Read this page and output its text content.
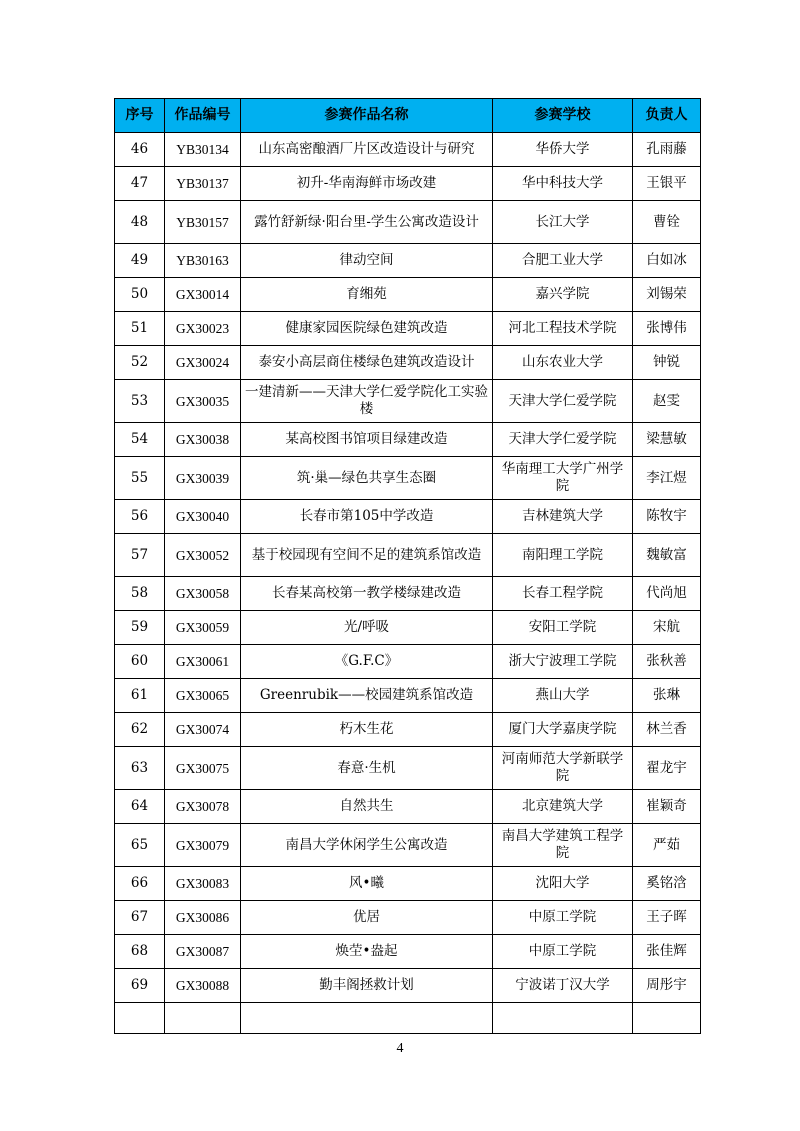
序号	作品编号	参赛作品名称	参赛学校	负责人
46	YB30134	山东高密酿酒厂片区改造设计与研究	华侨大学	孔雨藤
47	YB30137	初升-华南海鲜市场改建	华中科技大学	王银平
48	YB30157	露竹舒新绿·阳台里-学生公寓改造设计	长江大学	曹铨
49	YB30163	律动空间	合肥工业大学	白如冰
50	GX30014	育缃苑	嘉兴学院	刘锡荣
51	GX30023	健康家园医院绿色建筑改造	河北工程技术学院	张博伟
52	GX30024	泰安小高层商住楼绿色建筑改造设计	山东农业大学	钟锐
53	GX30035	一建清新——天津大学仁爱学院化工实验楼	天津大学仁爱学院	赵雯
54	GX30038	某高校图书馆项目绿建改造	天津大学仁爱学院	梁慧敏
55	GX30039	筑·巢—绿色共享生态圈	华南理工大学广州学院	李江煜
56	GX30040	长春市第105中学改造	吉林建筑大学	陈牧宇
57	GX30052	基于校园现有空间不足的建筑系馆改造	南阳理工学院	魏敏富
58	GX30058	长春某高校第一教学楼绿建改造	长春工程学院	代尚旭
59	GX30059	光/呼吸	安阳工学院	宋航
60	GX30061	《G.F.C》	浙大宁波理工学院	张秋善
61	GX30065	Greenrubik——校园建筑系馆改造	燕山大学	张琳
62	GX30074	朽木生花	厦门大学嘉庚学院	林兰香
63	GX30075	春意·生机	河南师范大学新联学院	翟龙宇
64	GX30078	自然共生	北京建筑大学	崔颖奇
65	GX30079	南昌大学休闲学生公寓改造	南昌大学建筑工程学院	严茹
66	GX30083	风•曦	沈阳大学	奚铭浛
67	GX30086	优居	中原工学院	王子晖
68	GX30087	焕茔•盎起	中原工学院	张佳辉
69	GX30088	勤丰阁拯救计划	宁波诺丁汉大学	周彤宇

4
